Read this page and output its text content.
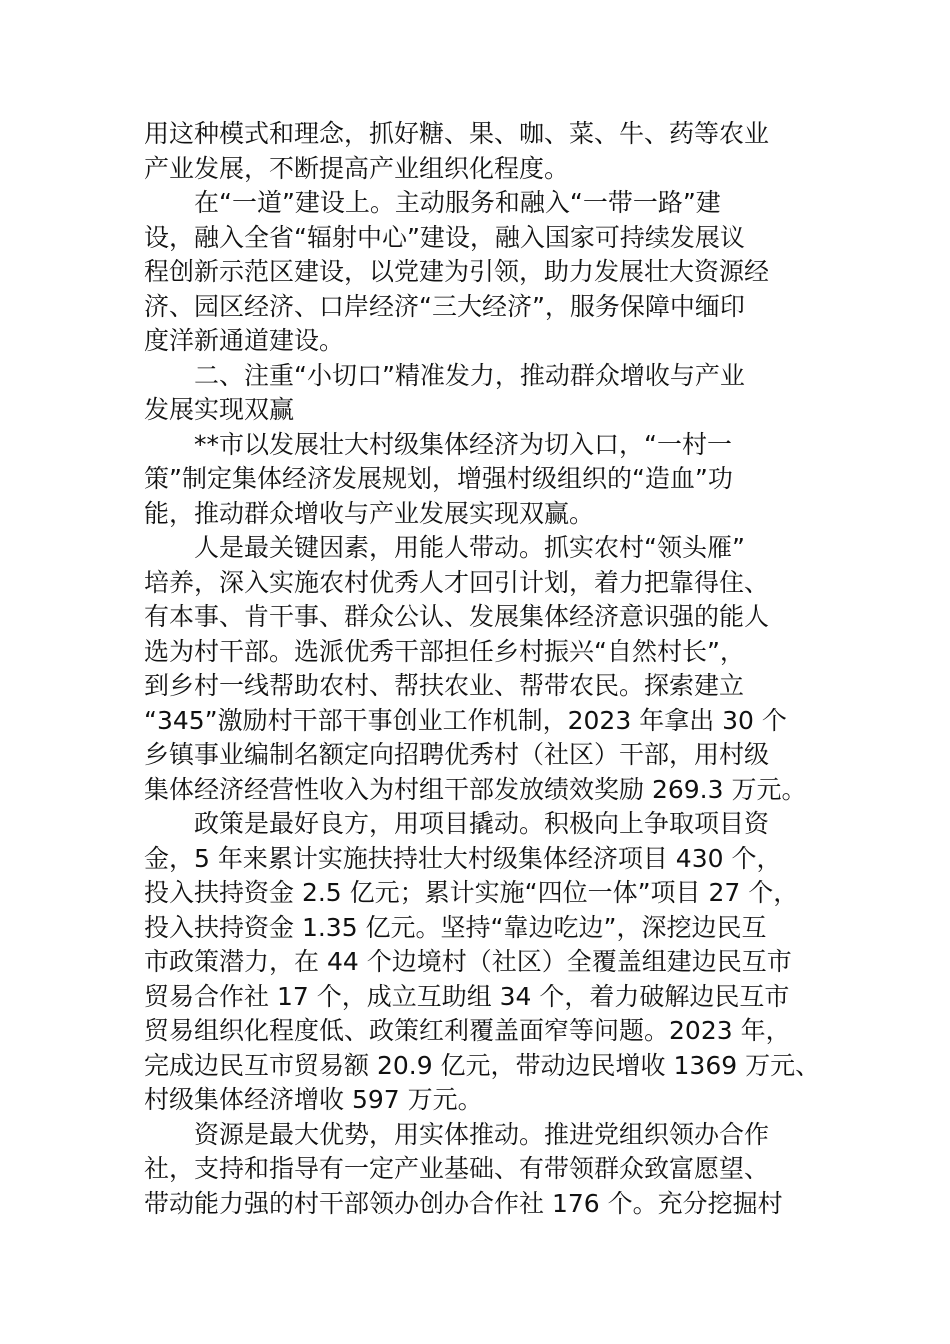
用这种模式和理念，抓好糖、果、咖、菜、牛、药等农业
产业发展，不断提高产业组织化程度。
在“一道”建设上。主动服务和融入“一带一路”建
设，融入全省“辐射中心”建设，融入国家可持续发展议
程创新示范区建设，以党建为引领，助力发展壮大资源经
济、园区经济、口岸经济“三大经济”，服务保障中缅印
度洋新通道建设。
二、注重“小切口”精准发力，推动群众增收与产业
发展实现双赢
**市以发展壮大村级集体经济为切入口，“一村一
策”制定集体经济发展规划，增强村级组织的“造血”功
能，推动群众增收与产业发展实现双赢。
人是最关键因素，用能人带动。抓实农村“领头雁”
培养，深入实施农村优秀人才回引计划，着力把靠得住、
有本事、肯干事、群众公认、发展集体经济意识强的能人
选为村干部。选派优秀干部担任乡村振兴“自然村长”，
到乡村一线帮助农村、帮扶农业、帮带农民。探索建立
“345”激励村干部干事创业工作机制，2023 年拿出 30 个
乡镇事业编制名额定向招聘优秀村（社区）干部，用村级
集体经济经营性收入为村组干部发放绩效奖励 269.3 万元。
政策是最好良方，用项目撬动。积极向上争取项目资
金，5 年来累计实施扶持壮大村级集体经济项目 430 个，
投入扶持资金 2.5 亿元；累计实施“四位一体”项目 27 个，
投入扶持资金 1.35 亿元。坚持“靠边吃边”，深挖边民互
市政策潜力，在 44 个边境村（社区）全覆盖组建边民互市
贸易合作社 17 个，成立互助组 34 个，着力破解边民互市
贸易组织化程度低、政策红利覆盖面窄等问题。2023 年，
完成边民互市贸易额 20.9 亿元，带动边民增收 1369 万元、
村级集体经济增收 597 万元。
资源是最大优势，用实体推动。推进党组织领办合作
社，支持和指导有一定产业基础、有带领群众致富愿望、
带动能力强的村干部领办创办合作社 176 个。充分挖掘村
